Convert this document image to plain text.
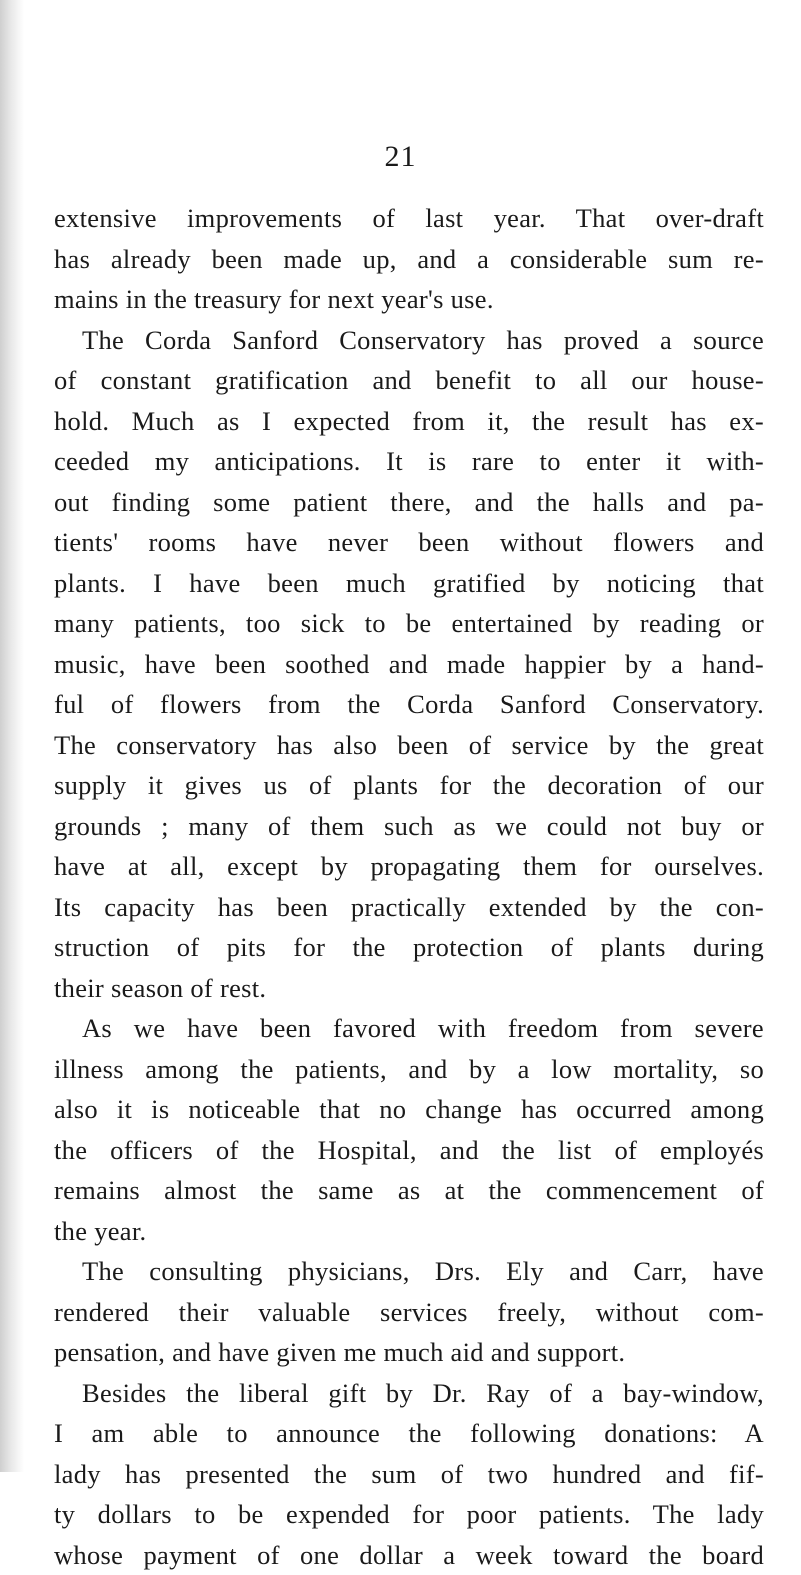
21
extensive improvements of last year. That over-draft
has already been made up, and a considerable sum re-
mains in the treasury for next year's use.
The Corda Sanford Conservatory has proved a source
of constant gratification and benefit to all our house-
hold. Much as I expected from it, the result has ex-
ceeded my anticipations. It is rare to enter it with-
out finding some patient there, and the halls and pa-
tients' rooms have never been without flowers and
plants. I have been much gratified by noticing that
many patients, too sick to be entertained by reading or
music, have been soothed and made happier by a hand-
ful of flowers from the Corda Sanford Conservatory.
The conservatory has also been of service by the great
supply it gives us of plants for the decoration of our
grounds ; many of them such as we could not buy or
have at all, except by propagating them for ourselves.
Its capacity has been practically extended by the con-
struction of pits for the protection of plants during
their season of rest.
As we have been favored with freedom from severe
illness among the patients, and by a low mortality, so
also it is noticeable that no change has occurred among
the officers of the Hospital, and the list of employés
remains almost the same as at the commencement of
the year.
The consulting physicians, Drs. Ely and Carr, have
rendered their valuable services freely, without com-
pensation, and have given me much aid and support.
Besides the liberal gift by Dr. Ray of a bay-window,
I am able to announce the following donations: A
lady has presented the sum of two hundred and fif-
ty dollars to be expended for poor patients. The lady
whose payment of one dollar a week toward the board
